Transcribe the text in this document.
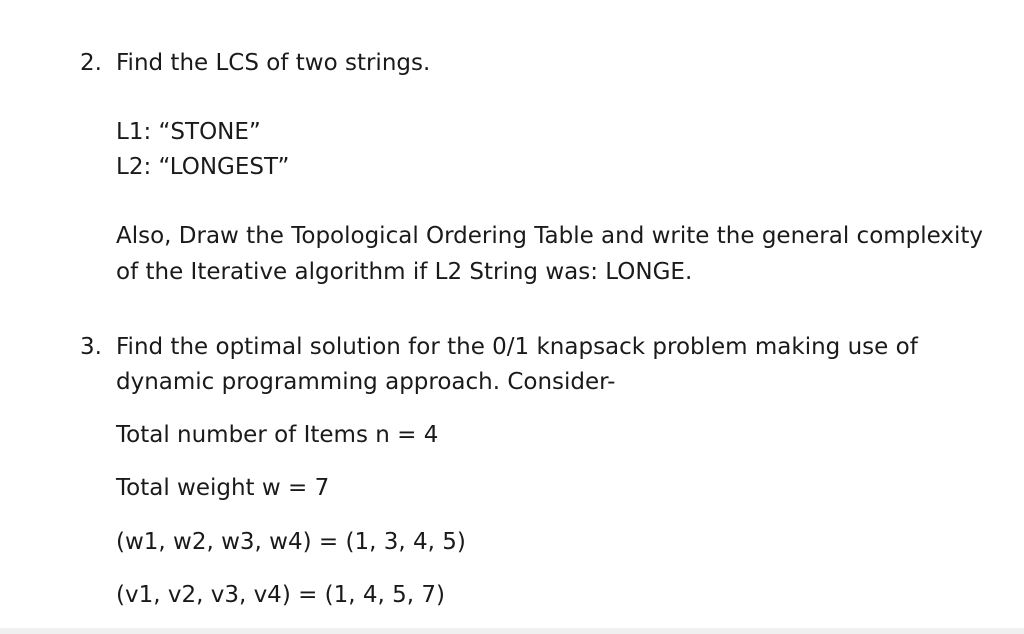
2. Find the LCS of two strings.
L1: “STONE”
L2: “LONGEST”
Also, Draw the Topological Ordering Table and write the general complexity
of the Iterative algorithm if L2 String was: LONGE.
3. Find the optimal solution for the 0/1 knapsack problem making use of
dynamic programming approach. Consider-
Total number of Items n = 4
Total weight w = 7
(w1, w2, w3, w4) = (1, 3, 4, 5)
(v1, v2, v3, v4) = (1, 4, 5, 7)
